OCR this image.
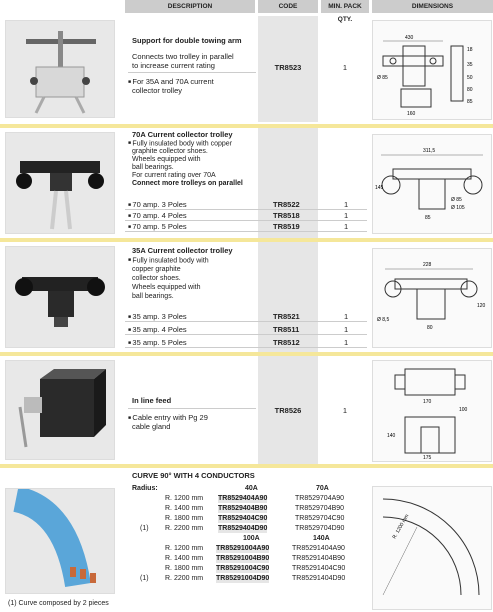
DESCRIPTION	CODE	MIN. PACK QTY.
DIMENSIONS
Support for double towing arm
Connects two trolley in parallel
to increase current rating
■ For 35A and 70A current
collector trolley
TR8523	1
430
Ø 85
160
18
35
50
80
85
70A Current collector trolley
■ Fully insulated body with copper
graphite collector shoes.
Wheels equipped with
ball bearings.
For current rating over 70A
Connect more trolleys on parallel
■ 70 amp. 3 Poles	TR8522	1
■ 70 amp. 4 Poles	TR8518	1
■ 70 amp. 5 Poles	TR8519	1
311,5
145
Ø 85
Ø 105
85
35A Current collector trolley
■ Fully insulated body with
copper graphite
collector shoes.
Wheels equipped with
ball bearings.
■ 35 amp. 3 Poles	TR8521	1
■ 35 amp. 4 Poles	TR8511	1
■ 35 amp. 5 Poles	TR8512	1
228
120
Ø 8,5
80
In line feed
■ Cable entry with Pg 29
cable gland
TR8526	1
170
140
175
100
CURVE 90° WITH 4 CONDUCTORS
(1) Curve composed by 2 pieces
Radius:	40A	70A
R. 1200 mm TR8529404A90	TR8529704A90
R. 1400 mm TR8529404B90	TR8529704B90
R. 1800 mm TR8529404C90	TR8529704C90
(1) R. 2200 mm TR8529404D90	TR8529704D90
100A	140A
R. 1200 mm TR85291004A90	TR85291404A90
R. 1400 mm TR85291004B90	TR85291404B90
R. 1800 mm TR85291004C90	TR85291404C90
(1) R. 2200 mm TR85291004D90	TR85291404D90
R. 1200 mm
